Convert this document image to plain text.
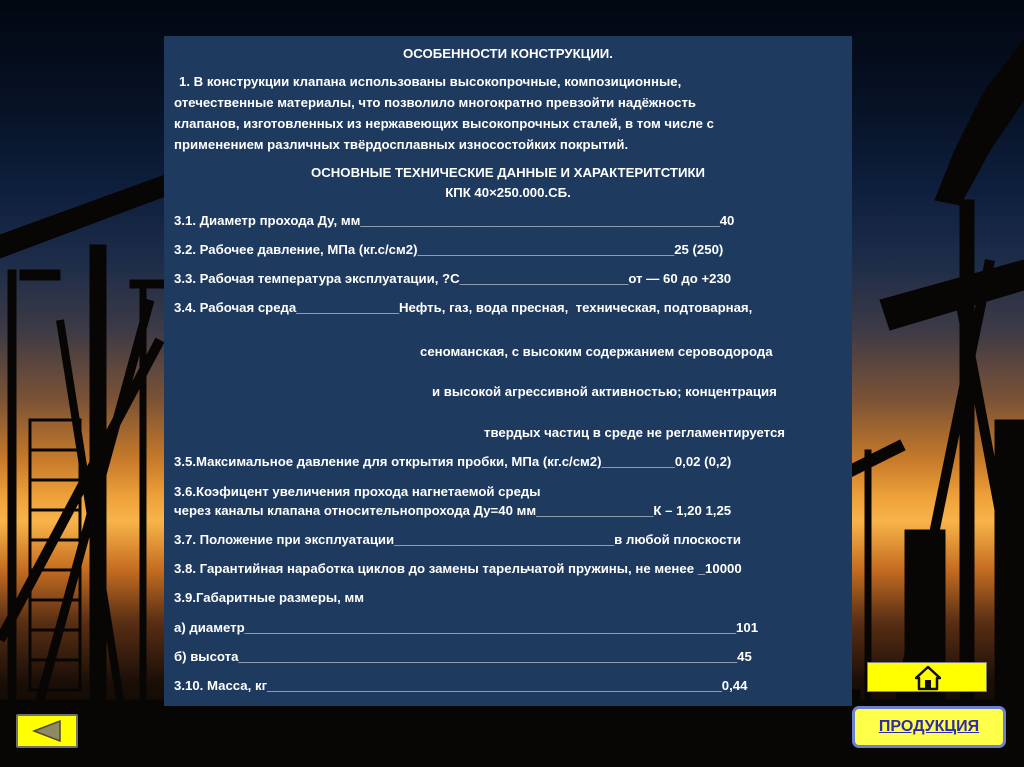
ОСОБЕННОСТИ КОНСТРУКЦИИ.
1. В конструкции клапана использованы высокопрочные, композиционные,
отечественные материалы, что позволило многократно превзойти надёжность
клапанов, изготовленных из нержавеющих высокопрочных сталей, в том числе с
применением различных твёрдосплавных износостойких покрытий.
ОСНОВНЫЕ ТЕХНИЧЕСКИЕ ДАННЫЕ И ХАРАКТЕРИТСТИКИ
КПК 40×250.000.СБ.
3.1. Диаметр прохода Ду, мм_________________________________________________40
3.2. Рабочее давление, МПа (кг.с/см2)___________________________________25 (250)
3.3. Рабочая температура эксплуатации, ?С_______________________от — 60 до +230
3.4. Рабочая среда______________Нефть, газ, вода пресная,  техническая, подтоварная,
сеноманская, с высоким содержанием сероводорода
и высокой агрессивной активностью; концентрация
твердых частиц в среде не регламентируется
3.5.Максимальное давление для открытия пробки, МПа (кг.с/см2)__________0,02 (0,2)
3.6.Коэфицент увеличения прохода нагнетаемой среды
через каналы клапана относительнопрохода Ду=40 мм________________К – 1,20 1,25
3.7. Положение при эксплуатации______________________________в любой плоскости
3.8. Гарантийная наработка циклов до замены тарельчатой пружины, не менее _10000
3.9.Габаритные размеры, мм
а) диаметр___________________________________________________________________101
б) высота____________________________________________________________________45
3.10. Масса, кг______________________________________________________________0,44
ПРОДУКЦИЯ
